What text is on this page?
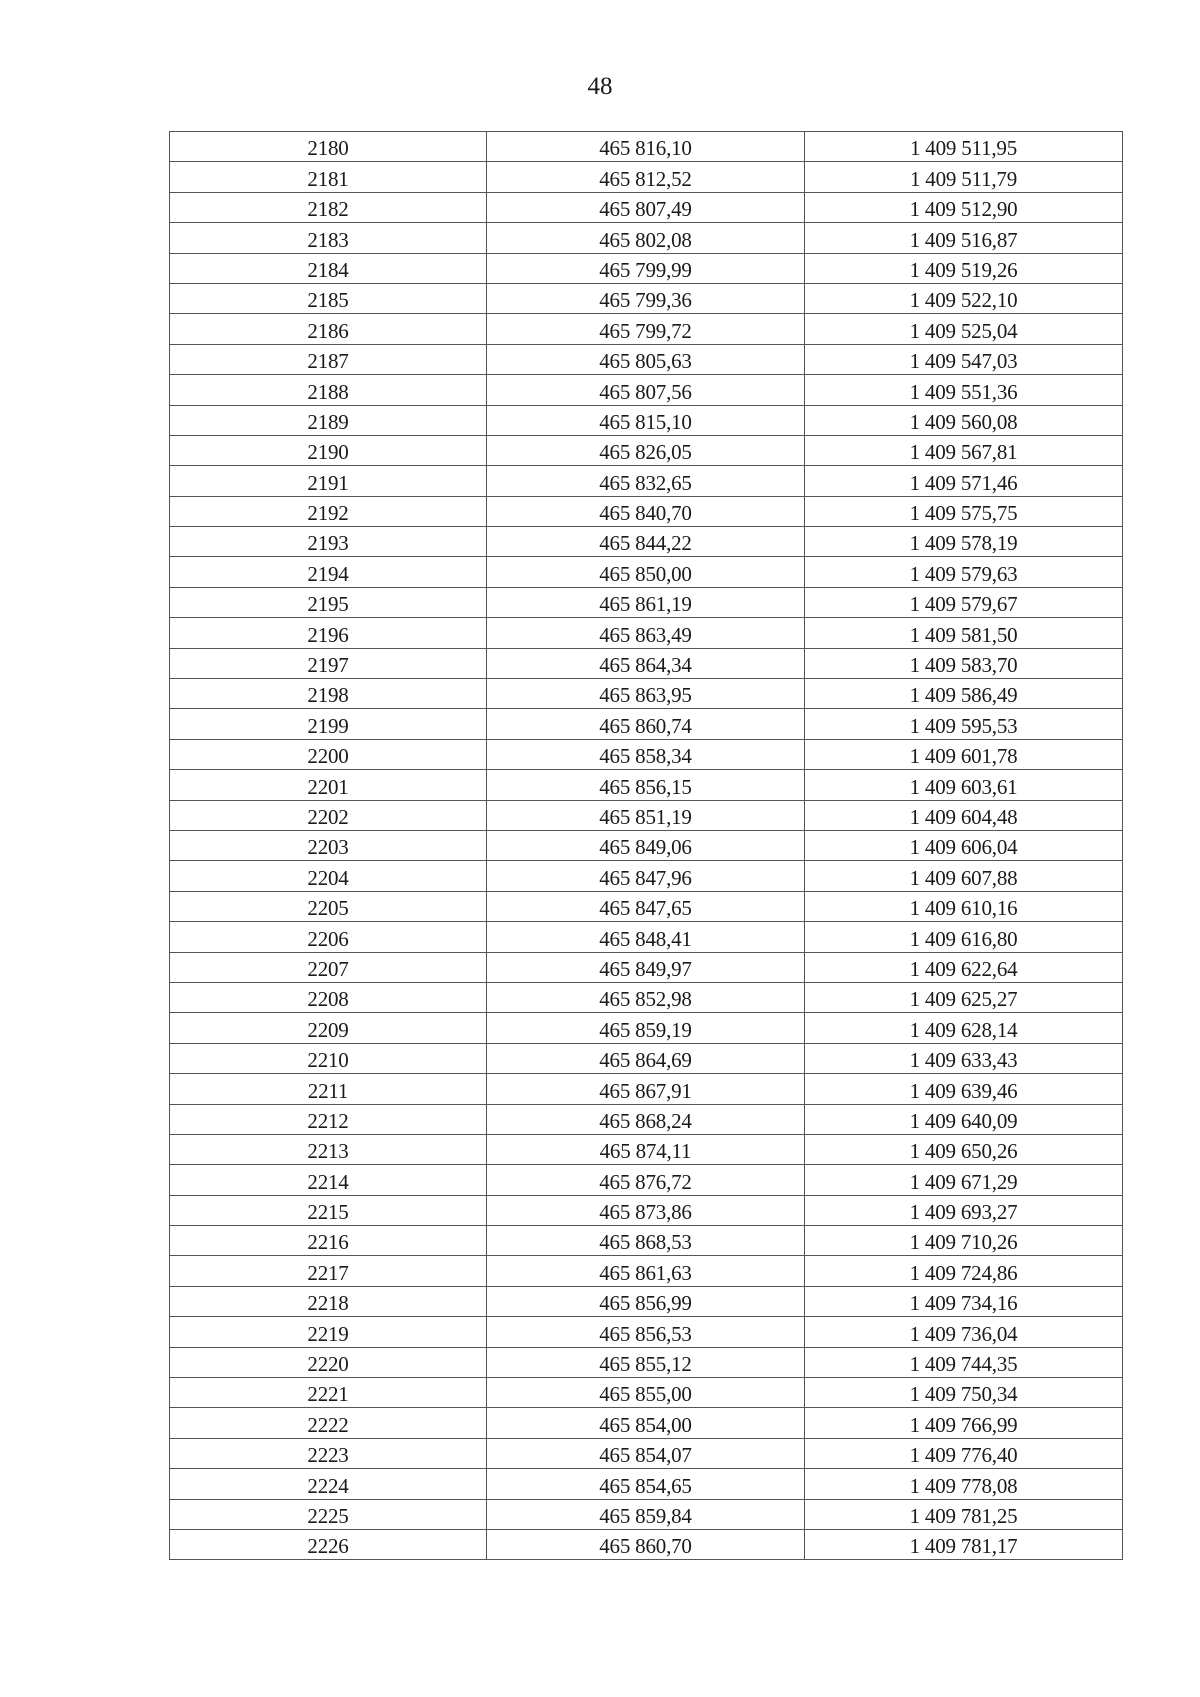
48
2180	465 816,10	1 409 511,95
2181	465 812,52	1 409 511,79
2182	465 807,49	1 409 512,90
2183	465 802,08	1 409 516,87
2184	465 799,99	1 409 519,26
2185	465 799,36	1 409 522,10
2186	465 799,72	1 409 525,04
2187	465 805,63	1 409 547,03
2188	465 807,56	1 409 551,36
2189	465 815,10	1 409 560,08
2190	465 826,05	1 409 567,81
2191	465 832,65	1 409 571,46
2192	465 840,70	1 409 575,75
2193	465 844,22	1 409 578,19
2194	465 850,00	1 409 579,63
2195	465 861,19	1 409 579,67
2196	465 863,49	1 409 581,50
2197	465 864,34	1 409 583,70
2198	465 863,95	1 409 586,49
2199	465 860,74	1 409 595,53
2200	465 858,34	1 409 601,78
2201	465 856,15	1 409 603,61
2202	465 851,19	1 409 604,48
2203	465 849,06	1 409 606,04
2204	465 847,96	1 409 607,88
2205	465 847,65	1 409 610,16
2206	465 848,41	1 409 616,80
2207	465 849,97	1 409 622,64
2208	465 852,98	1 409 625,27
2209	465 859,19	1 409 628,14
2210	465 864,69	1 409 633,43
2211	465 867,91	1 409 639,46
2212	465 868,24	1 409 640,09
2213	465 874,11	1 409 650,26
2214	465 876,72	1 409 671,29
2215	465 873,86	1 409 693,27
2216	465 868,53	1 409 710,26
2217	465 861,63	1 409 724,86
2218	465 856,99	1 409 734,16
2219	465 856,53	1 409 736,04
2220	465 855,12	1 409 744,35
2221	465 855,00	1 409 750,34
2222	465 854,00	1 409 766,99
2223	465 854,07	1 409 776,40
2224	465 854,65	1 409 778,08
2225	465 859,84	1 409 781,25
2226	465 860,70	1 409 781,17
